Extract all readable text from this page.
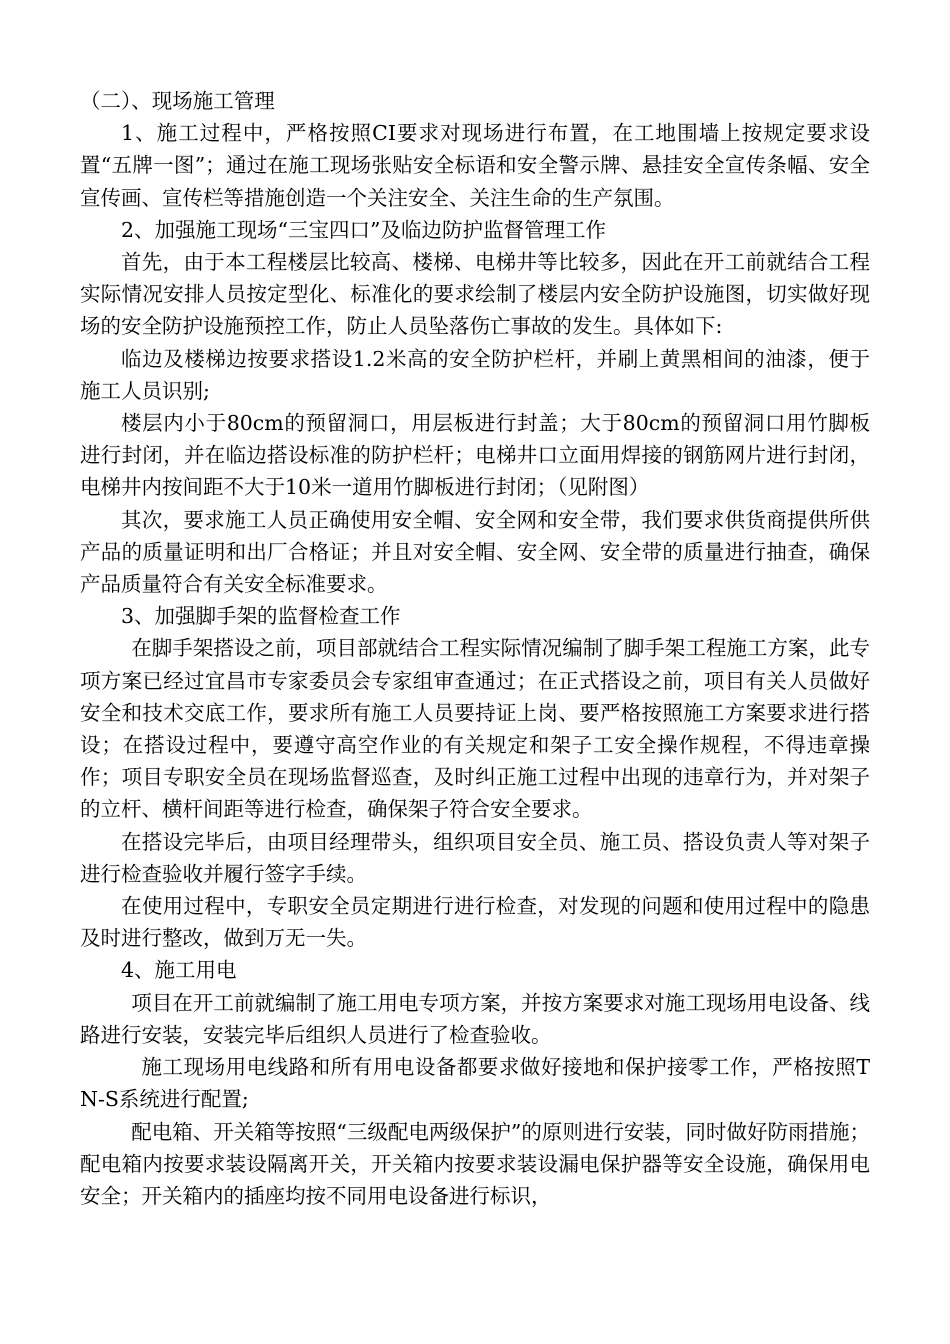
（二）、现场施工管理

1、施工过程中，严格按照CI要求对现场进行布置，在工地围墙上按规定要求设置“五牌一图”；通过在施工现场张贴安全标语和安全警示牌、悬挂安全宣传条幅、安全宣传画、宣传栏等措施创造一个关注安全、关注生命的生产氛围。

2、加强施工现场“三宝四口”及临边防护监督管理工作

首先，由于本工程楼层比较高、楼梯、电梯井等比较多，因此在开工前就结合工程实际情况安排人员按定型化、标准化的要求绘制了楼层内安全防护设施图，切实做好现场的安全防护设施预控工作，防止人员坠落伤亡事故的发生。具体如下:

临边及楼梯边按要求搭设1.2米高的安全防护栏杆，并刷上黄黑相间的油漆，便于施工人员识别;

楼层内小于80cm的预留洞口，用层板进行封盖；大于80cm的预留洞口用竹脚板进行封闭，并在临边搭设标准的防护栏杆；电梯井口立面用焊接的钢筋网片进行封闭，电梯井内按间距不大于10米一道用竹脚板进行封闭；（见附图）

其次，要求施工人员正确使用安全帽、安全网和安全带，我们要求供货商提供所供产品的质量证明和出厂合格证；并且对安全帽、安全网、安全带的质量进行抽查，确保产品质量符合有关安全标准要求。

3、加强脚手架的监督检查工作

在脚手架搭设之前，项目部就结合工程实际情况编制了脚手架工程施工方案，此专项方案已经过宜昌市专家委员会专家组审查通过；在正式搭设之前，项目有关人员做好安全和技术交底工作，要求所有施工人员要持证上岗、要严格按照施工方案要求进行搭设；在搭设过程中，要遵守高空作业的有关规定和架子工安全操作规程，不得违章操作；项目专职安全员在现场监督巡查，及时纠正施工过程中出现的违章行为，并对架子的立杆、横杆间距等进行检查，确保架子符合安全要求。

在搭设完毕后，由项目经理带头，组织项目安全员、施工员、搭设负责人等对架子进行检查验收并履行签字手续。

在使用过程中，专职安全员定期进行进行检查，对发现的问题和使用过程中的隐患及时进行整改，做到万无一失。

4、施工用电

项目在开工前就编制了施工用电专项方案，并按方案要求对施工现场用电设备、线路进行安装，安装完毕后组织人员进行了检查验收。

施工现场用电线路和所有用电设备都要求做好接地和保护接零工作，严格按照TN-S系统进行配置;

配电箱、开关箱等按照“三级配电两级保护”的原则进行安装，同时做好防雨措施；配电箱内按要求装设隔离开关，开关箱内按要求装设漏电保护器等安全设施，确保用电安全；开关箱内的插座均按不同用电设备进行标识，
